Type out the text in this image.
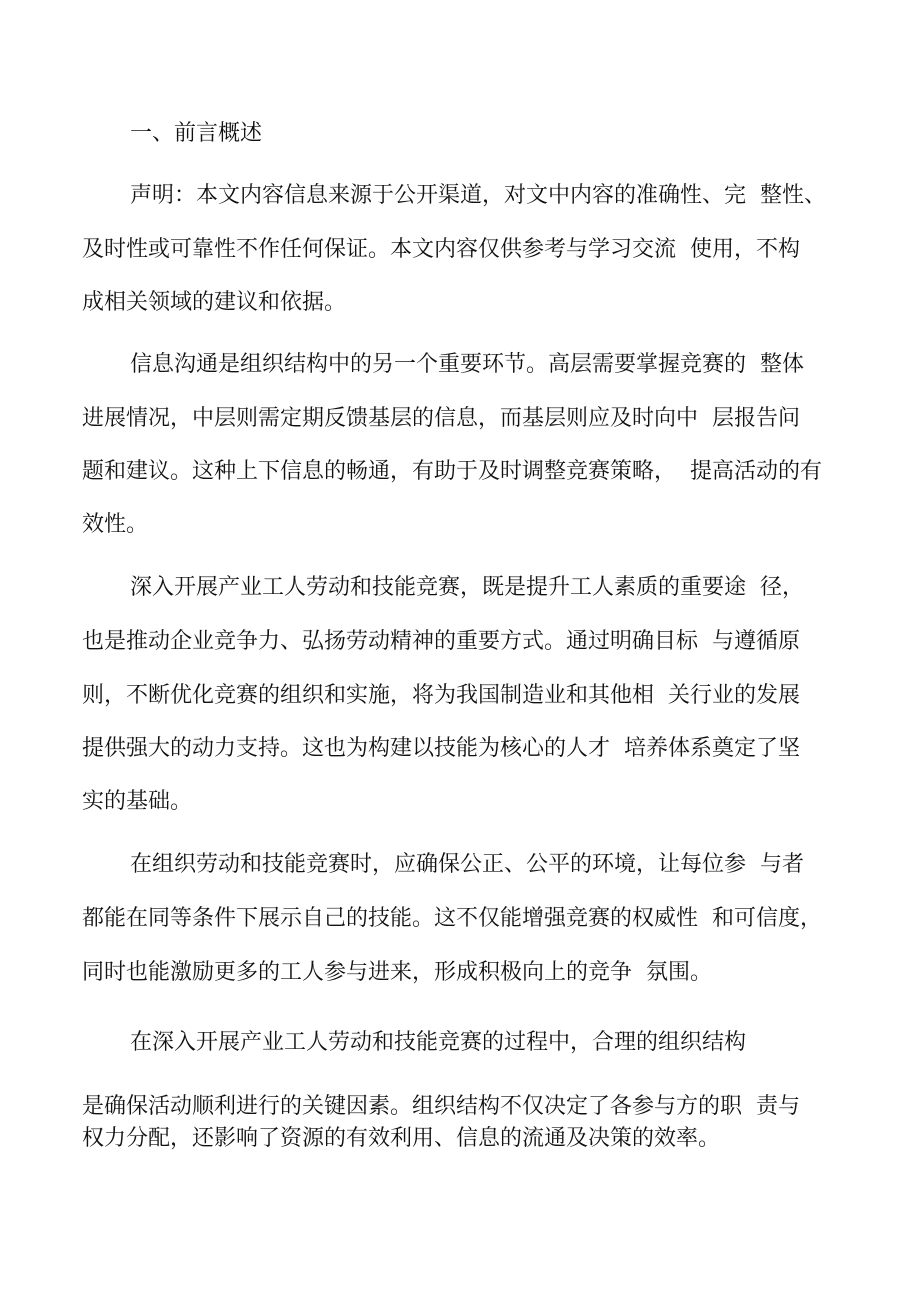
一、前言概述

声明：本文内容信息来源于公开渠道，对文中内容的准确性、完  整性、

及时性或可靠性不作任何保证。本文内容仅供参考与学习交流  使用，不构

成相关领域的建议和依据。

信息沟通是组织结构中的另一个重要环节。高层需要掌握竞赛的  整体

进展情况，中层则需定期反馈基层的信息，而基层则应及时向中  层报告问

题和建议。这种上下信息的畅通，有助于及时调整竞赛策略，  提高活动的有

效性。

深入开展产业工人劳动和技能竞赛，既是提升工人素质的重要途  径，

也是推动企业竞争力、弘扬劳动精神的重要方式。通过明确目标  与遵循原

则，不断优化竞赛的组织和实施，将为我国制造业和其他相  关行业的发展

提供强大的动力支持。这也为构建以技能为核心的人才  培养体系奠定了坚

实的基础。

在组织劳动和技能竞赛时，应确保公正、公平的环境，让每位参  与者

都能在同等条件下展示自己的技能。这不仅能增强竞赛的权威性  和可信度，

同时也能激励更多的工人参与进来，形成积极向上的竞争  氛围。

在深入开展产业工人劳动和技能竞赛的过程中，合理的组织结构

是确保活动顺利进行的关键因素。组织结构不仅决定了各参与方的职  责与

权力分配，还影响了资源的有效利用、信息的流通及决策的效率。
